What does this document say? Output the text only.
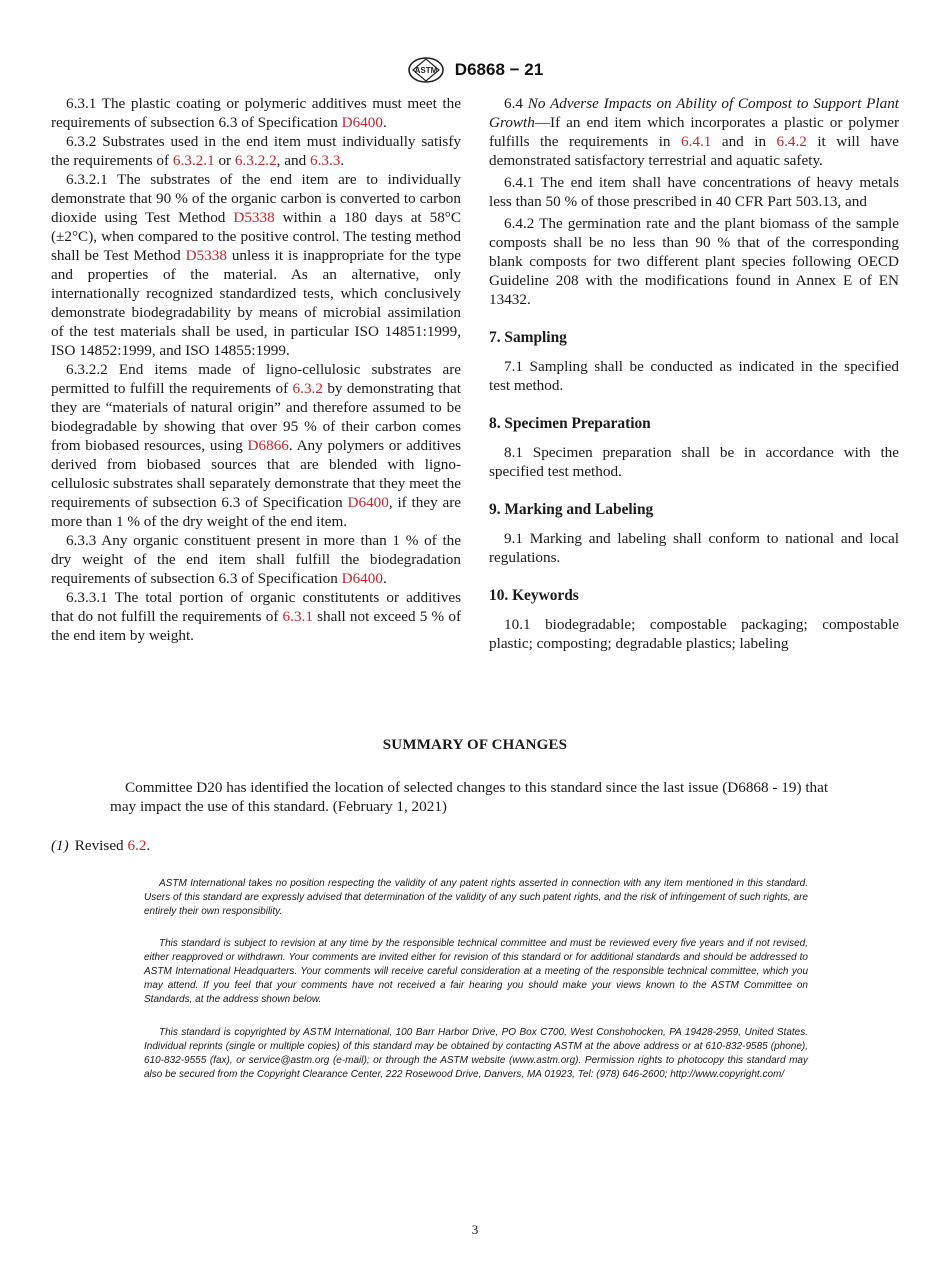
ASTM D6868 − 21

6.3.1 The plastic coating or polymeric additives must meet the requirements of subsection 6.3 of Specification D6400.

6.3.2 Substrates used in the end item must individually satisfy the requirements of 6.3.2.1 or 6.3.2.2, and 6.3.3.

6.3.2.1 The substrates of the end item are to individually demonstrate that 90 % of the organic carbon is converted to carbon dioxide using Test Method D5338 within a 180 days at 58°C (±2°C), when compared to the positive control. The testing method shall be Test Method D5338 unless it is inappropriate for the type and properties of the material. As an alternative, only internationally recognized standardized tests, which conclusively demonstrate biodegradability by means of microbial assimilation of the test materials shall be used, in particular ISO 14851:1999, ISO 14852:1999, and ISO 14855:1999.

6.3.2.2 End items made of ligno-cellulosic substrates are permitted to fulfill the requirements of 6.3.2 by demonstrating that they are “materials of natural origin” and therefore assumed to be biodegradable by showing that over 95 % of their carbon comes from biobased resources, using D6866. Any polymers or additives derived from biobased sources that are blended with ligno-cellulosic substrates shall separately demonstrate that they meet the requirements of subsection 6.3 of Specification D6400, if they are more than 1 % of the dry weight of the end item.

6.3.3 Any organic constituent present in more than 1 % of the dry weight of the end item shall fulfill the biodegradation requirements of subsection 6.3 of Specification D6400.

6.3.3.1 The total portion of organic constitutents or additives that do not fulfill the requirements of 6.3.1 shall not exceed 5 % of the end item by weight.

6.4 No Adverse Impacts on Ability of Compost to Support Plant Growth—If an end item which incorporates a plastic or polymer fulfills the requirements in 6.4.1 and in 6.4.2 it will have demonstrated satisfactory terrestrial and aquatic safety.

6.4.1 The end item shall have concentrations of heavy metals less than 50 % of those prescribed in 40 CFR Part 503.13, and

6.4.2 The germination rate and the plant biomass of the sample composts shall be no less than 90 % that of the corresponding blank composts for two different plant species following OECD Guideline 208 with the modifications found in Annex E of EN 13432.

7. Sampling

7.1 Sampling shall be conducted as indicated in the specified test method.

8. Specimen Preparation

8.1 Specimen preparation shall be in accordance with the specified test method.

9. Marking and Labeling

9.1 Marking and labeling shall conform to national and local regulations.

10. Keywords

10.1 biodegradable; compostable packaging; compostable plastic; composting; degradable plastics; labeling

SUMMARY OF CHANGES
Committee D20 has identified the location of selected changes to this standard since the last issue (D6868 - 19) that may impact the use of this standard. (February 1, 2021)
(1) Revised 6.2.

ASTM International takes no position respecting the validity of any patent rights asserted in connection with any item mentioned in this standard. Users of this standard are expressly advised that determination of the validity of any such patent rights, and the risk of infringement of such rights, are entirely their own responsibility.

This standard is subject to revision at any time by the responsible technical committee and must be reviewed every five years and if not revised, either reapproved or withdrawn. Your comments are invited either for revision of this standard or for additional standards and should be addressed to ASTM International Headquarters. Your comments will receive careful consideration at a meeting of the responsible technical committee, which you may attend. If you feel that your comments have not received a fair hearing you should make your views known to the ASTM Committee on Standards, at the address shown below.

This standard is copyrighted by ASTM International, 100 Barr Harbor Drive, PO Box C700, West Conshohocken, PA 19428-2959, United States. Individual reprints (single or multiple copies) of this standard may be obtained by contacting ASTM at the above address or at 610-832-9585 (phone), 610-832-9555 (fax), or service@astm.org (e-mail); or through the ASTM website (www.astm.org). Permission rights to photocopy this standard may also be secured from the Copyright Clearance Center, 222 Rosewood Drive, Danvers, MA 01923, Tel: (978) 646-2600; http://www.copyright.com/

3
